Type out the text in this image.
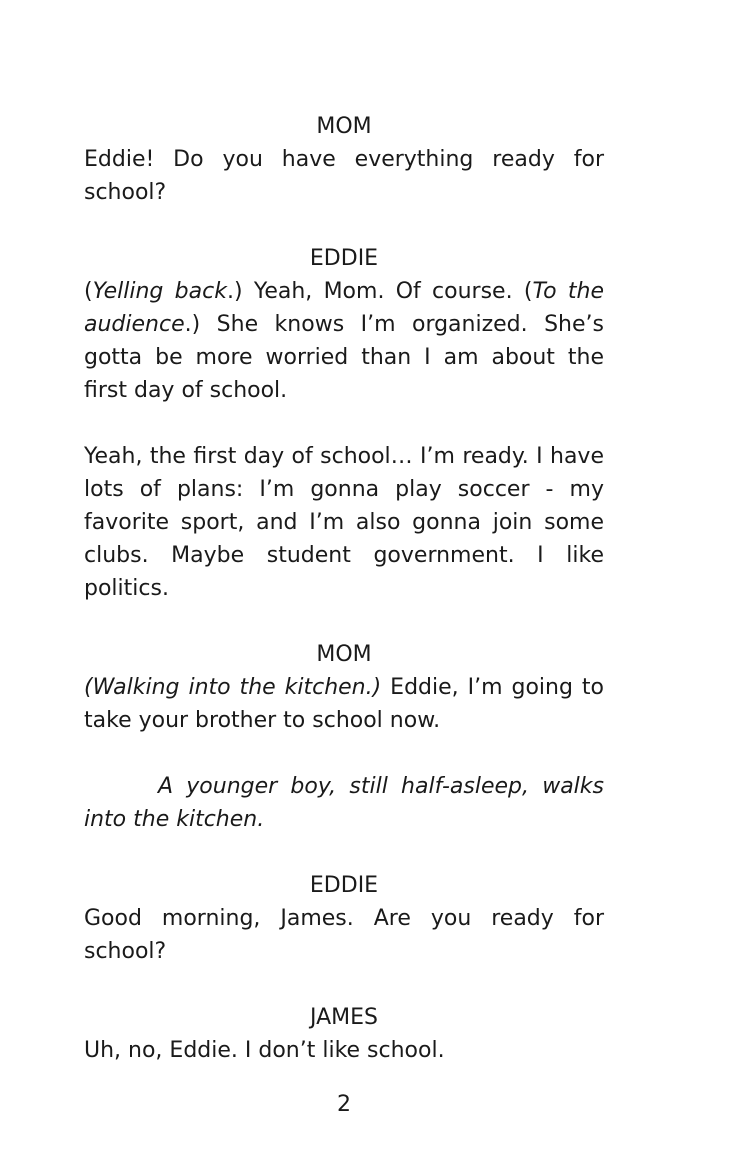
MOM
Eddie! Do you have everything ready for school?
EDDIE
(Yelling back.) Yeah, Mom. Of course. (To the audience.) She knows I’m organized. She’s gotta be more worried than I am about the first day of school.
Yeah, the first day of school… I’m ready. I have lots of plans: I’m gonna play soccer - my favorite sport, and I’m also gonna join some clubs. Maybe student government. I like politics.
MOM
(Walking into the kitchen.) Eddie, I’m going to take your brother to school now.
A younger boy, still half-asleep, walks into the kitchen.
EDDIE
Good morning, James. Are you ready for school?
JAMES
Uh, no, Eddie. I don’t like school.
2
